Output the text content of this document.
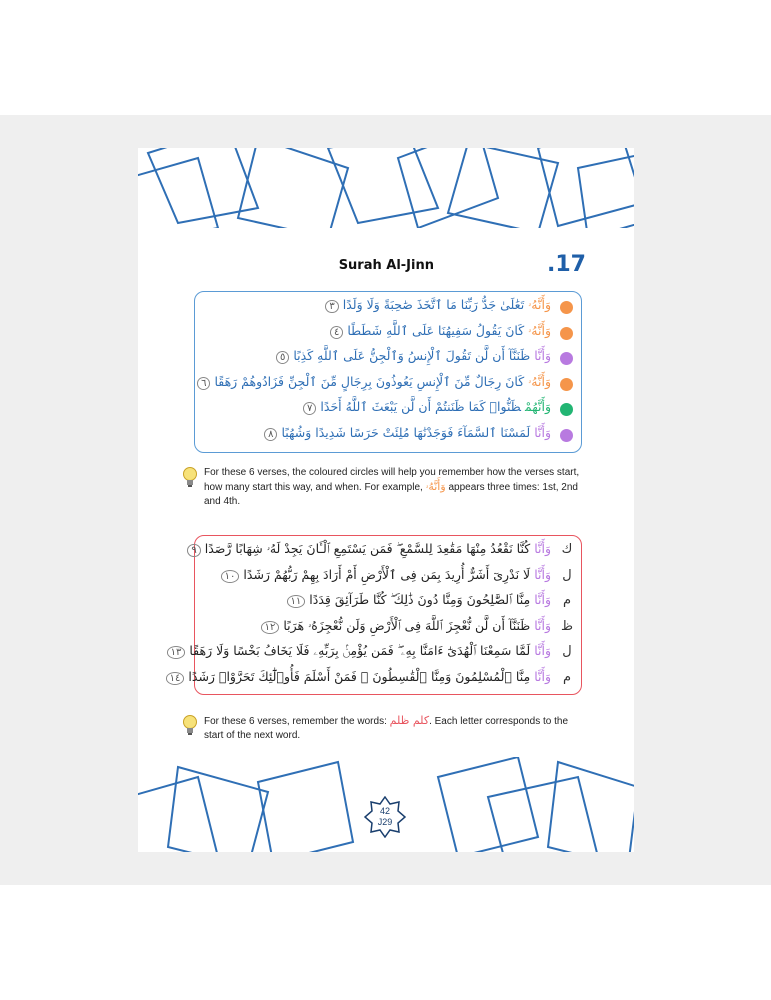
Surah Al-Jinn	.17
وَأَنَّهُۥتَعَٰلَىٰ جَدُّ رَبِّنَا مَا ٱتَّخَذَ صَٰحِبَةً وَلَا وَلَدًا٣
وَأَنَّهُۥكَانَ يَقُولُ سَفِيهُنَا عَلَى ٱللَّهِ شَطَطًا٤
وَأَنَّاظَنَنَّآ أَن لَّن تَقُولَ ٱلْإِنسُ وَٱلْجِنُّ عَلَى ٱللَّهِ كَذِبًا٥
وَأَنَّهُۥكَانَ رِجَالٌ مِّنَ ٱلْإِنسِ يَعُوذُونَ بِرِجَالٍ مِّنَ ٱلْجِنِّ فَزَادُوهُمْ رَهَقًا٦
وَأَنَّهُمْظَنُّوا۟ كَمَا ظَنَنتُمْ أَن لَّن يَبْعَثَ ٱللَّهُ أَحَدًا٧
وَأَنَّالَمَسْنَا ٱلسَّمَآءَ فَوَجَدْنَٰهَا مُلِئَتْ حَرَسًا شَدِيدًا وَشُهُبًا٨
For these 6 verses, the coloured circles will help you remember how the verses start, how many start this way, and when. For example, وَأَنَّهُۥ appears three times: 1st, 2nd and 4th.
ك
وَأَنَّاكُنَّا نَقْعُدُ مِنْهَا مَقَٰعِدَ لِلسَّمْعِ ۖ فَمَن يَسْتَمِعِ ٱلْـَٔانَ يَجِدْ لَهُۥ شِهَابًا رَّصَدًا٩
ل
وَأَنَّالَا نَدْرِىٓ أَشَرٌّ أُرِيدَ بِمَن فِى ٱلْأَرْضِ أَمْ أَرَادَ بِهِمْ رَبُّهُمْ رَشَدًا١٠
م
وَأَنَّامِنَّا ٱلصَّٰلِحُونَ وَمِنَّا دُونَ ذَٰلِكَ ۖ كُنَّا طَرَآئِقَ قِدَدًا١١
ظ
وَأَنَّاظَنَنَّآ أَن لَّن نُّعْجِزَ ٱللَّهَ فِى ٱلْأَرْضِ وَلَن نُّعْجِزَهُۥ هَرَبًا١٢
ل
وَأَنَّالَمَّا سَمِعْنَا ٱلْهُدَىٰٓ ءَامَنَّا بِهِۦ ۖ فَمَن يُؤْمِنۢ بِرَبِّهِۦ فَلَا يَخَافُ بَخْسًا وَلَا رَهَقًا١٣
م
وَأَنَّامِنَّا ٱلْمُسْلِمُونَ وَمِنَّا ٱلْقَٰسِطُونَ ۖ فَمَنْ أَسْلَمَ فَأُو۟لَٰٓئِكَ تَحَرَّوْا۟ رَشَدًا١٤
For these 6 verses, remember the words: كلم ظلم. Each letter corresponds to the start of the next word.
42
J29
